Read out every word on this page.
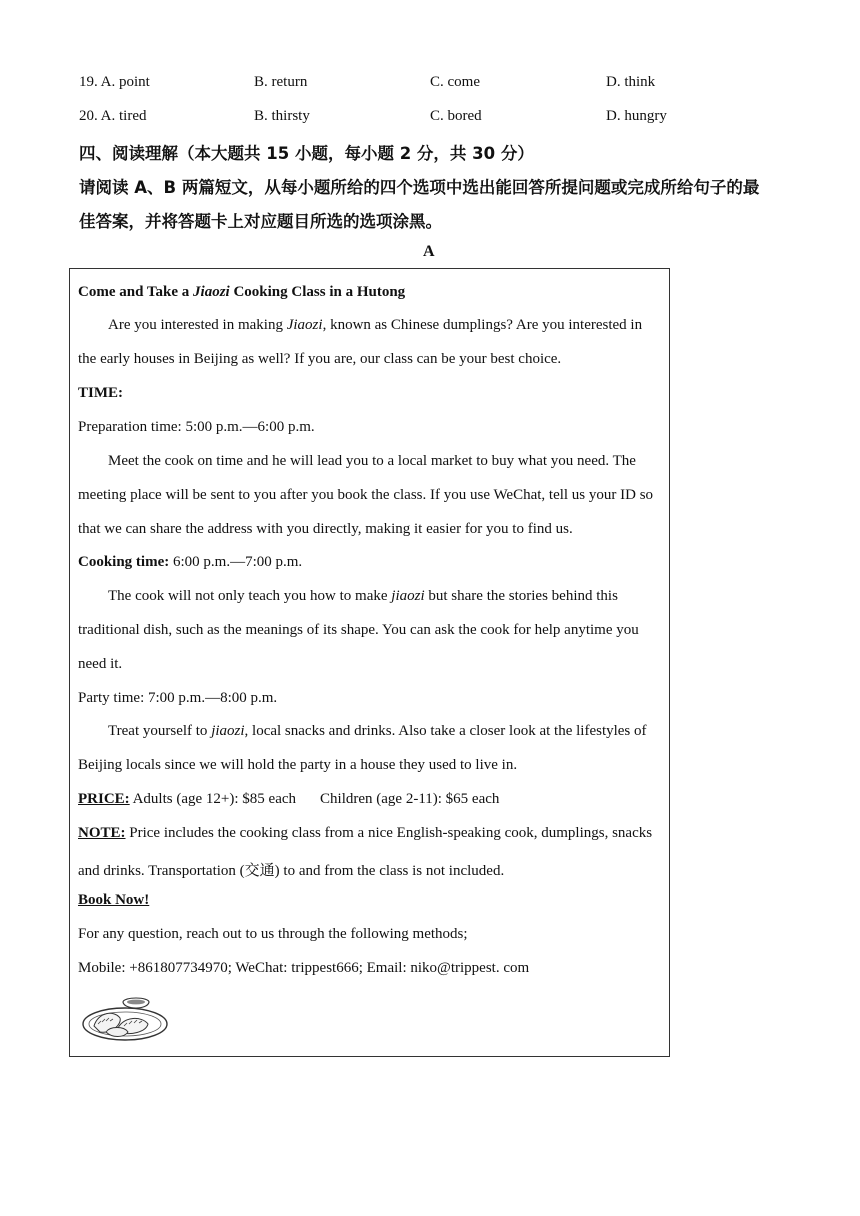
19. A. point	B. return	C. come	D. think
20. A. tired	B. thirsty	C. bored	D. hungry
四、阅读理解（本大题共 15 小题，每小题 2 分，共 30 分）
请阅读 A、B 两篇短文，从每小题所给的四个选项中选出能回答所提问题或完成所给句子的最
佳答案，并将答题卡上对应题目所选的选项涂黑。
A
Come and Take a Jiaozi Cooking Class in a Hutong
Are you interested in making Jiaozi, known as Chinese dumplings? Are you interested in
the early houses in Beijing as well? If you are, our class can be your best choice.
TIME:
Preparation time: 5:00 p.m.—6:00 p.m.
Meet the cook on time and he will lead you to a local market to buy what you need. The
meeting place will be sent to you after you book the class. If you use WeChat, tell us your ID so
that we can share the address with you directly, making it easier for you to find us.
Cooking time: 6:00 p.m.—7:00 p.m.
The cook will not only teach you how to make jiaozi but share the stories behind this
traditional dish, such as the meanings of its shape. You can ask the cook for help anytime you
need it.
Party time: 7:00 p.m.—8:00 p.m.
Treat yourself to jiaozi, local snacks and drinks. Also take a closer look at the lifestyles of
Beijing locals since we will hold the party in a house they used to live in.
PRICE: Adults (age 12+): $85 each Children (age 2-11): $65 each
NOTE: Price includes the cooking class from a nice English-speaking cook, dumplings, snacks
and drinks. Transportation (交通) to and from the class is not included.
Book Now!
For any question, reach out to us through the following methods;
Mobile: +861807734970; WeChat: trippest666; Email: niko@trippest. com
